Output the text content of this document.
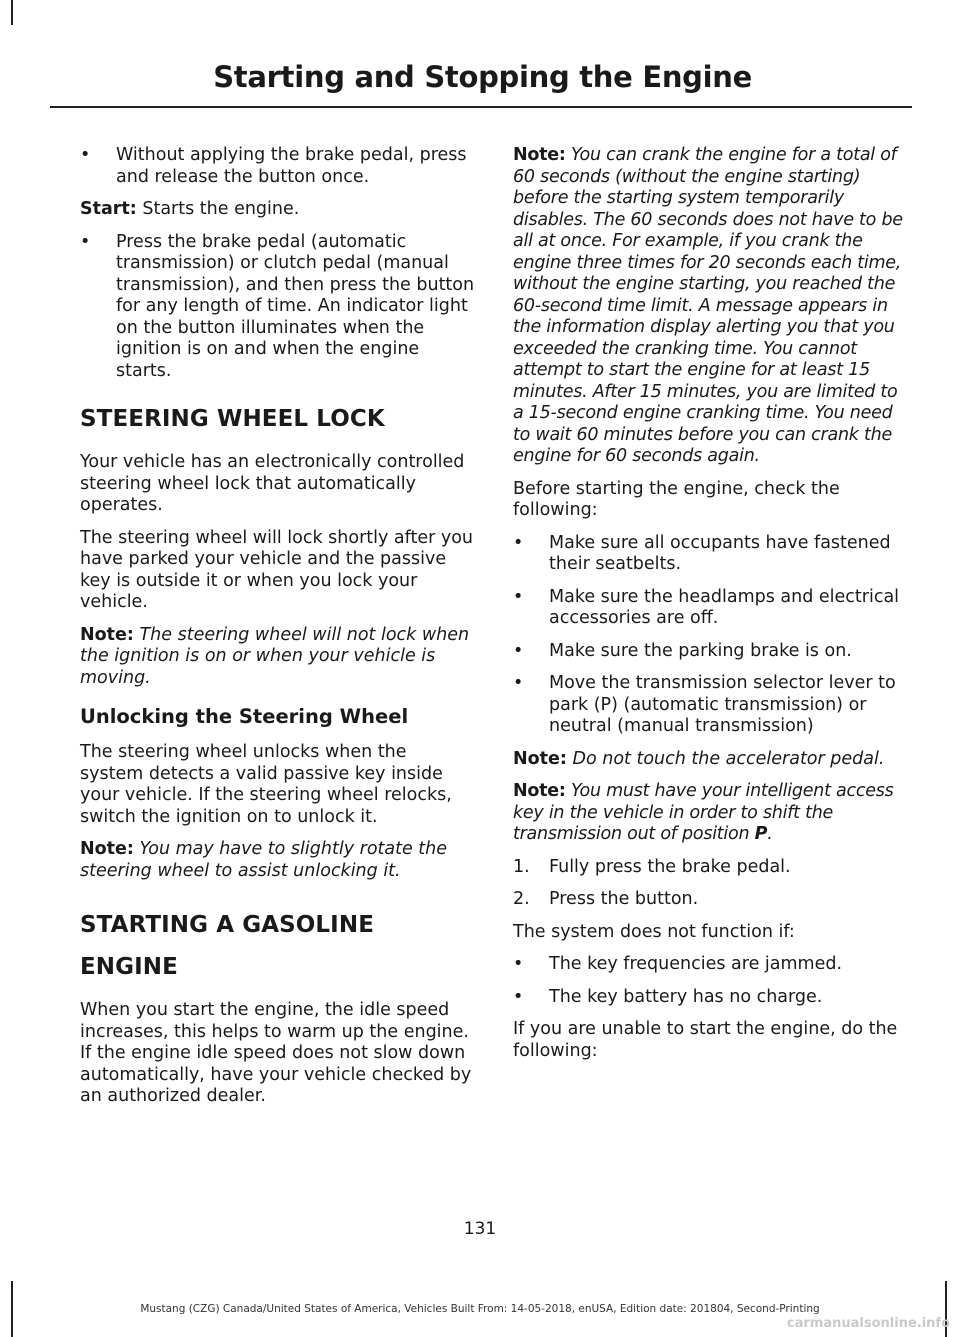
Starting and Stopping the Engine
•	Without applying the brake pedal, press and release the button once.

Start: Starts the engine.

•	Press the brake pedal (automatic transmission) or clutch pedal (manual transmission), and then press the button for any length of time. An indicator light on the button illuminates when the ignition is on and when the engine starts.
STEERING WHEEL LOCK

Your vehicle has an electronically controlled steering wheel lock that automatically operates.

The steering wheel will lock shortly after you have parked your vehicle and the passive key is outside it or when you lock your vehicle.

Note: The steering wheel will not lock when the ignition is on or when your vehicle is moving.

Unlocking the Steering Wheel

The steering wheel unlocks when the system detects a valid passive key inside your vehicle. If the steering wheel relocks, switch the ignition on to unlock it.

Note: You may have to slightly rotate the steering wheel to assist unlocking it.

STARTING A GASOLINE
ENGINE

When you start the engine, the idle speed increases, this helps to warm up the engine. If the engine idle speed does not slow down automatically, have your vehicle checked by an authorized dealer.

Note: You can crank the engine for a total of 60 seconds (without the engine starting) before the starting system temporarily disables. The 60 seconds does not have to be all at once. For example, if you crank the engine three times for 20 seconds each time, without the engine starting, you reached the 60-second time limit. A message appears in the information display alerting you that you exceeded the cranking time. You cannot attempt to start the engine for at least 15 minutes. After 15 minutes, you are limited to a 15-second engine cranking time. You need to wait 60 minutes before you can crank the engine for 60 seconds again.

Before starting the engine, check the following:

•	Make sure all occupants have fastened their seatbelts.
•	Make sure the headlamps and electrical accessories are off.
•	Make sure the parking brake is on.
•	Move the transmission selector lever to park (P) (automatic transmission) or neutral (manual transmission)

Note: Do not touch the accelerator pedal.

Note: You must have your intelligent access key in the vehicle in order to shift the transmission out of position P.

1.	Fully press the brake pedal.
2.	Press the button.

The system does not function if:

•	The key frequencies are jammed.
•	The key battery has no charge.

If you are unable to start the engine, do the following:

131
Mustang (CZG) Canada/United States of America, Vehicles Built From: 14-05-2018, enUSA, Edition date: 201804, Second-Printing
carmanualsonline.info
